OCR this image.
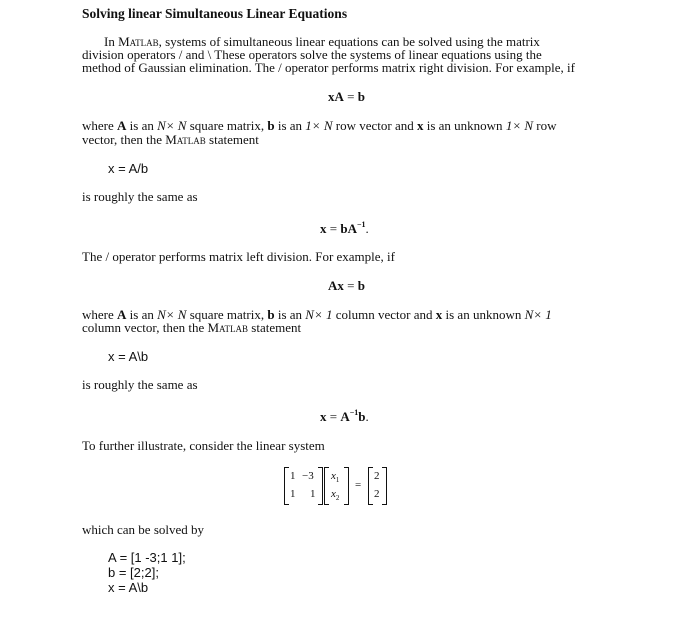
Solving linear Simultaneous Linear Equations
In Matlab, systems of simultaneous linear equations can be solved using the matrix
division operators / and \ These operators solve the systems of linear equations using the
method of Gaussian elimination. The / operator performs matrix right division. For example, if
xA = b
where A is an N× N square matrix, b is an 1× N row vector and x is an unknown 1× N row
vector, then the Matlab statement
x = A/b
is roughly the same as
$x = bA^{-1}$.
The / operator performs matrix left division. For example, if
Ax = b
where A is an N× N square matrix, b is an N× 1 column vector and x is an unknown N× 1
column vector, then the Matlab statement
x = A\b
is roughly the same as
$x = A^{-1}b$.
To further illustrate, consider the linear system
1 −3
1 1
$x_1$
$x_2$
=
2
2
which can be solved by
A = [1 -3;1 1];
b = [2;2];
x = A\b
